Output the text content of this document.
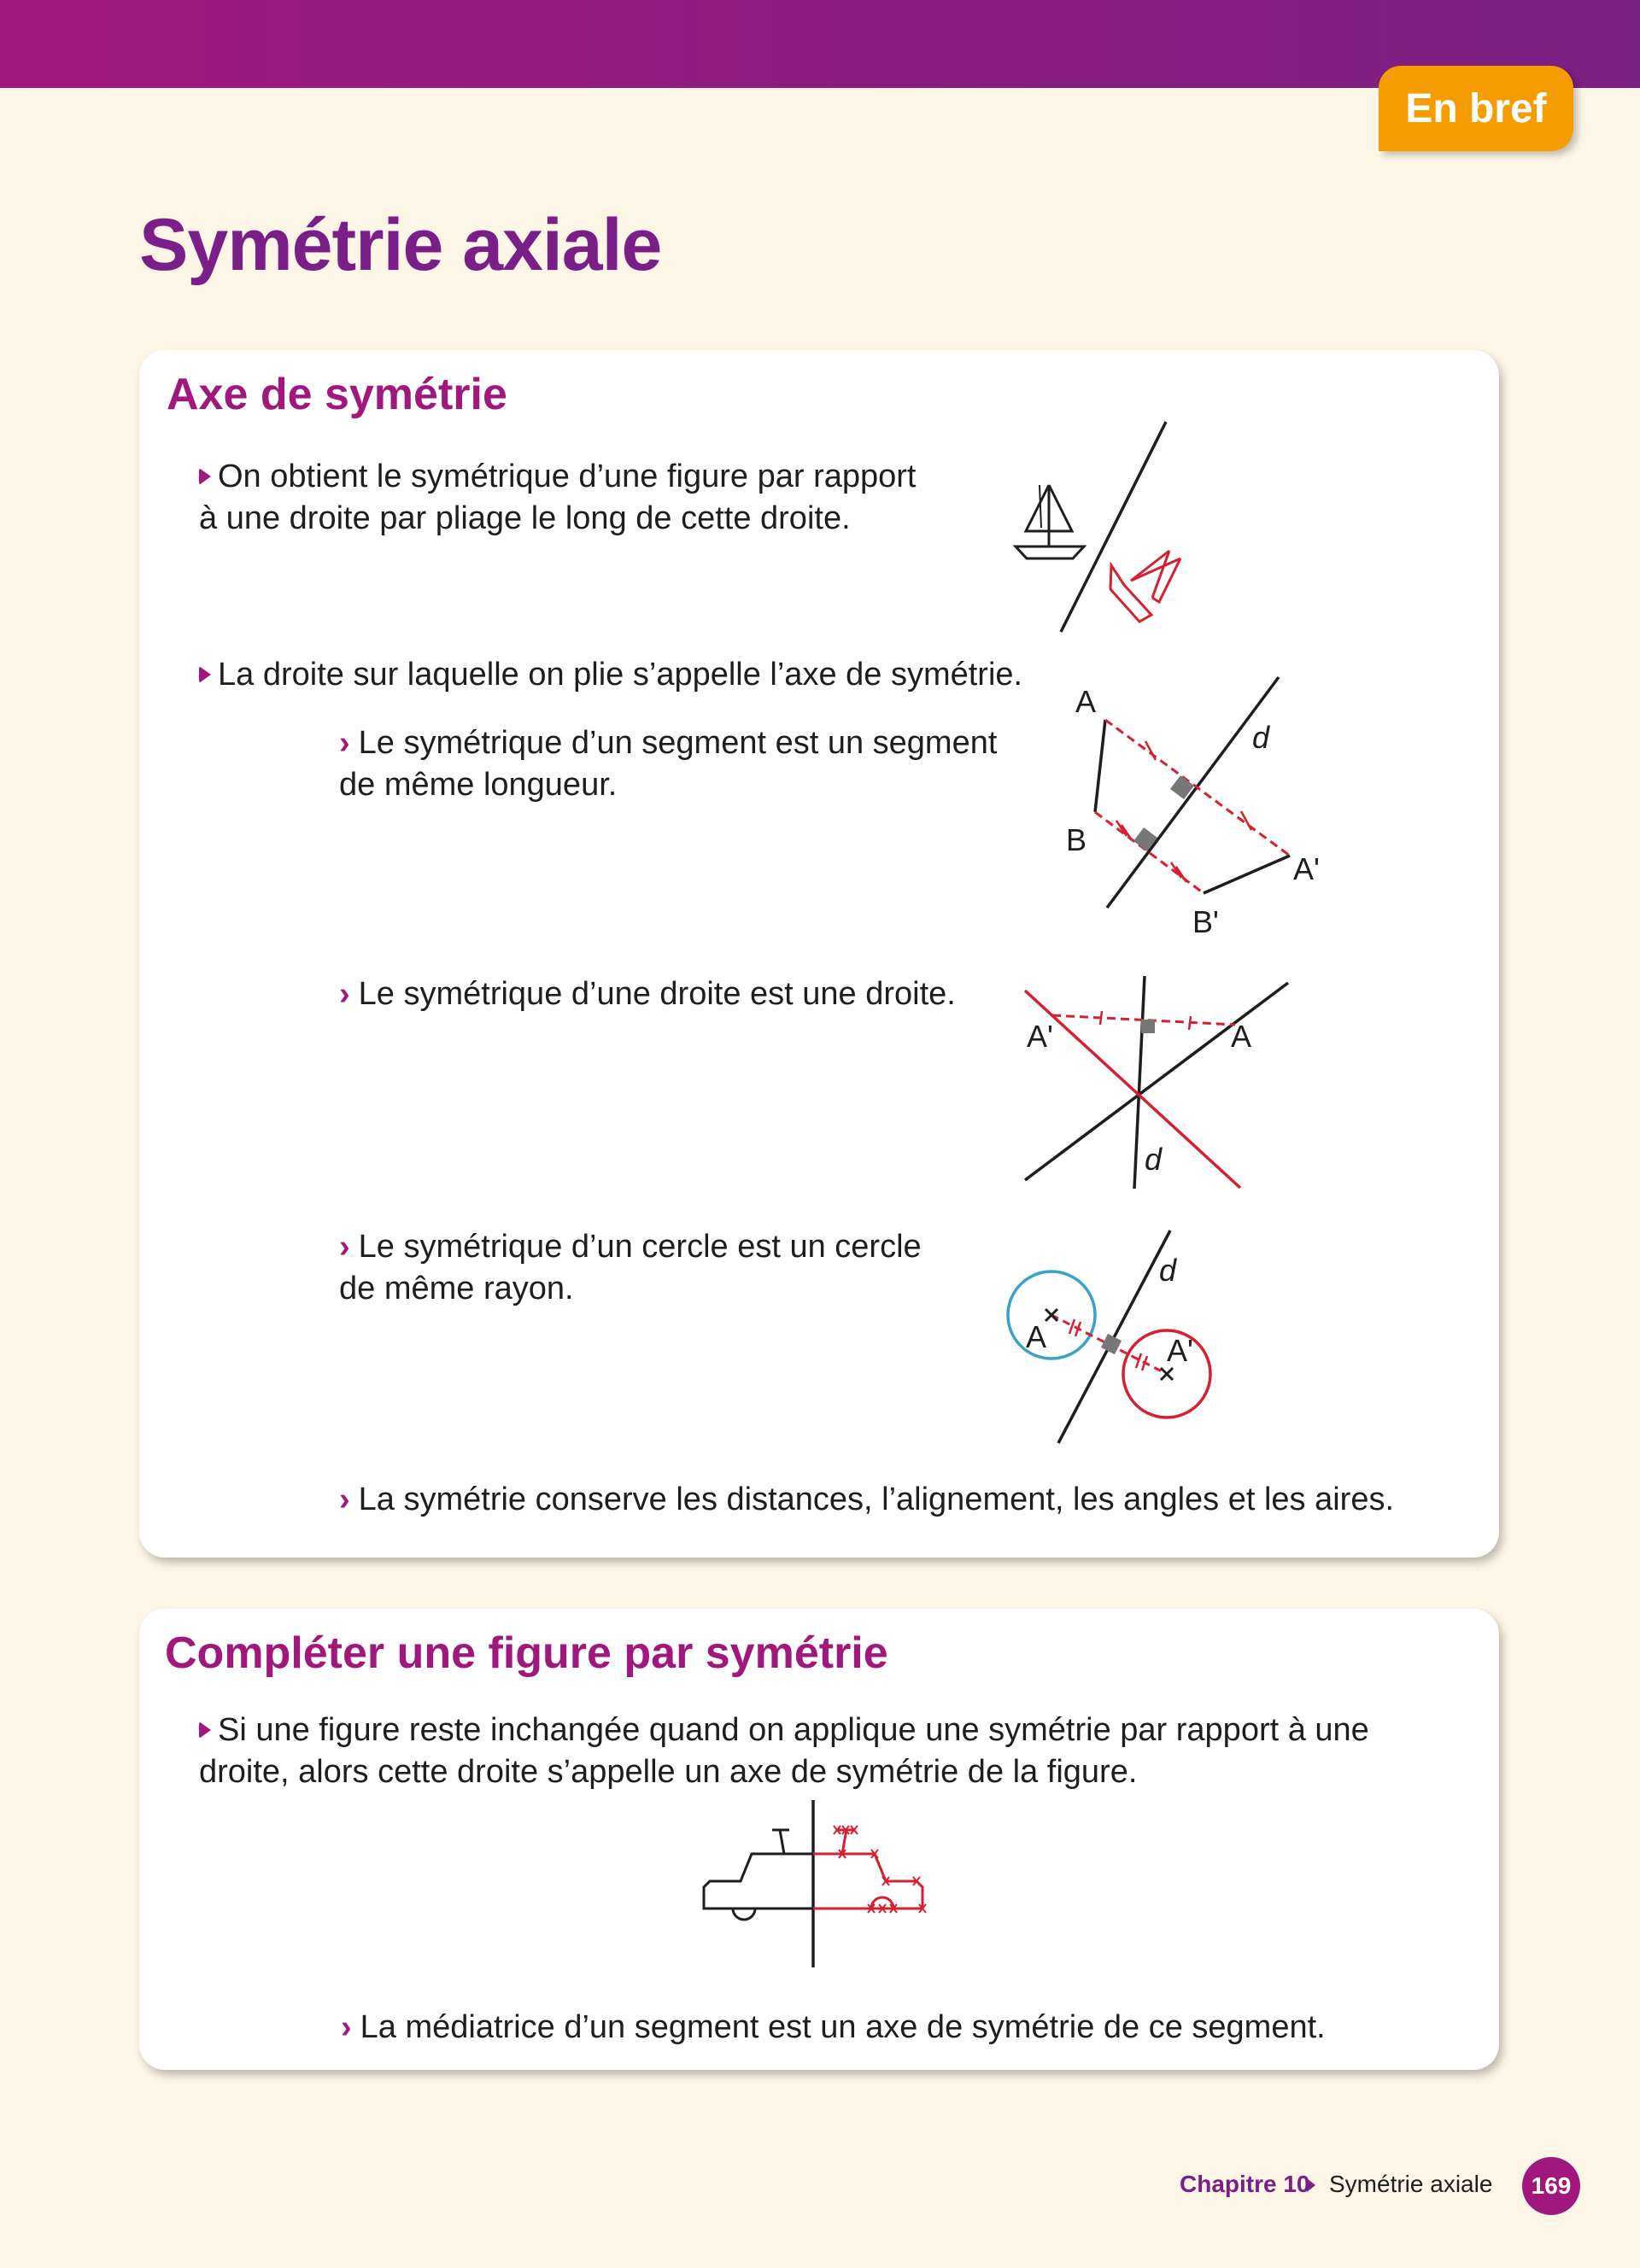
En bref
Symétrie axiale
Axe de symétrie
On obtient le symétrique d’une figure par rapport
à une droite par pliage le long de cette droite.
La droite sur laquelle on plie s’appelle l’axe de symétrie.
› Le symétrique d’un segment est un segment
de même longueur.
› Le symétrique d’une droite est une droite.
› Le symétrique d’un cercle est un cercle
de même rayon.
› La symétrie conserve les distances, l’alignement, les angles et les aires.
A
B
A'
B'
d
A'	A
d
A	A'
d
Compléter une figure par symétrie
Si une figure reste inchangée quand on applique une symétrie par rapport à une
droite, alors cette droite s’appelle un axe de symétrie de la figure.
› La médiatrice d’un segment est un axe de symétrie de ce segment.
Chapitre 10 Symétrie axiale	169
